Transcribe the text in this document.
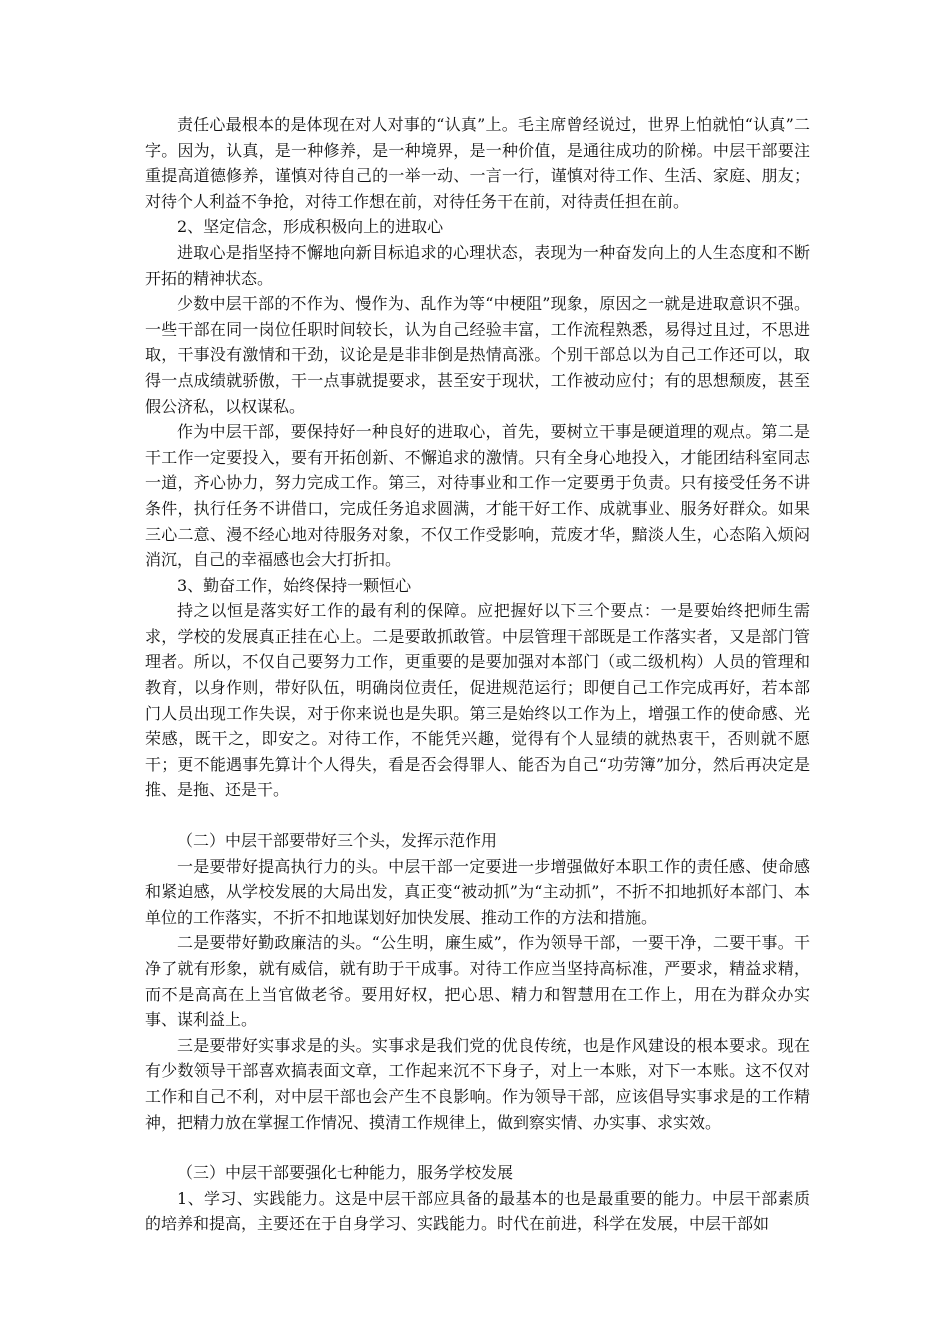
责任心最根本的是体现在对人对事的“认真”上。毛主席曾经说过，世界上怕就怕“认真”二字。因为，认真，是一种修养，是一种境界，是一种价值，是通往成功的阶梯。中层干部要注重提高道德修养，谨慎对待自己的一举一动、一言一行，谨慎对待工作、生活、家庭、朋友；对待个人利益不争抢，对待工作想在前，对待任务干在前，对待责任担在前。

2、坚定信念，形成积极向上的进取心

进取心是指坚持不懈地向新目标追求的心理状态，表现为一种奋发向上的人生态度和不断开拓的精神状态。

少数中层干部的不作为、慢作为、乱作为等“中梗阻”现象，原因之一就是进取意识不强。一些干部在同一岗位任职时间较长，认为自己经验丰富，工作流程熟悉，易得过且过，不思进取，干事没有激情和干劲，议论是是非非倒是热情高涨。个别干部总以为自己工作还可以，取得一点成绩就骄傲，干一点事就提要求，甚至安于现状，工作被动应付；有的思想颓废，甚至假公济私，以权谋私。

作为中层干部，要保持好一种良好的进取心，首先，要树立干事是硬道理的观点。第二是干工作一定要投入，要有开拓创新、不懈追求的激情。只有全身心地投入，才能团结科室同志一道，齐心协力，努力完成工作。第三，对待事业和工作一定要勇于负责。只有接受任务不讲条件，执行任务不讲借口，完成任务追求圆满，才能干好工作、成就事业、服务好群众。如果三心二意、漫不经心地对待服务对象，不仅工作受影响，荒废才华，黯淡人生，心态陷入烦闷消沉，自己的幸福感也会大打折扣。

3、勤奋工作，始终保持一颗恒心

持之以恒是落实好工作的最有利的保障。应把握好以下三个要点：一是要始终把师生需求，学校的发展真正挂在心上。二是要敢抓敢管。中层管理干部既是工作落实者，又是部门管理者。所以，不仅自己要努力工作，更重要的是要加强对本部门（或二级机构）人员的管理和教育，以身作则，带好队伍，明确岗位责任，促进规范运行；即便自己工作完成再好，若本部门人员出现工作失误，对于你来说也是失职。第三是始终以工作为上，增强工作的使命感、光荣感，既干之，即安之。对待工作，不能凭兴趣，觉得有个人显绩的就热衷干，否则就不愿干；更不能遇事先算计个人得失，看是否会得罪人、能否为自己“功劳簿”加分，然后再决定是推、是拖、还是干。

（二）中层干部要带好三个头，发挥示范作用

一是要带好提高执行力的头。中层干部一定要进一步增强做好本职工作的责任感、使命感和紧迫感，从学校发展的大局出发，真正变“被动抓”为“主动抓”，不折不扣地抓好本部门、本单位的工作落实，不折不扣地谋划好加快发展、推动工作的方法和措施。

二是要带好勤政廉洁的头。“公生明，廉生威”，作为领导干部，一要干净，二要干事。干净了就有形象，就有威信，就有助于干成事。对待工作应当坚持高标准，严要求，精益求精，而不是高高在上当官做老爷。要用好权，把心思、精力和智慧用在工作上，用在为群众办实事、谋利益上。

三是要带好实事求是的头。实事求是我们党的优良传统，也是作风建设的根本要求。现在有少数领导干部喜欢搞表面文章，工作起来沉不下身子，对上一本账，对下一本账。这不仅对工作和自己不利，对中层干部也会产生不良影响。作为领导干部，应该倡导实事求是的工作精神，把精力放在掌握工作情况、摸清工作规律上，做到察实情、办实事、求实效。

（三）中层干部要强化七种能力，服务学校发展

1、学习、实践能力。这是中层干部应具备的最基本的也是最重要的能力。中层干部素质的培养和提高，主要还在于自身学习、实践能力。时代在前进，科学在发展，中层干部如
